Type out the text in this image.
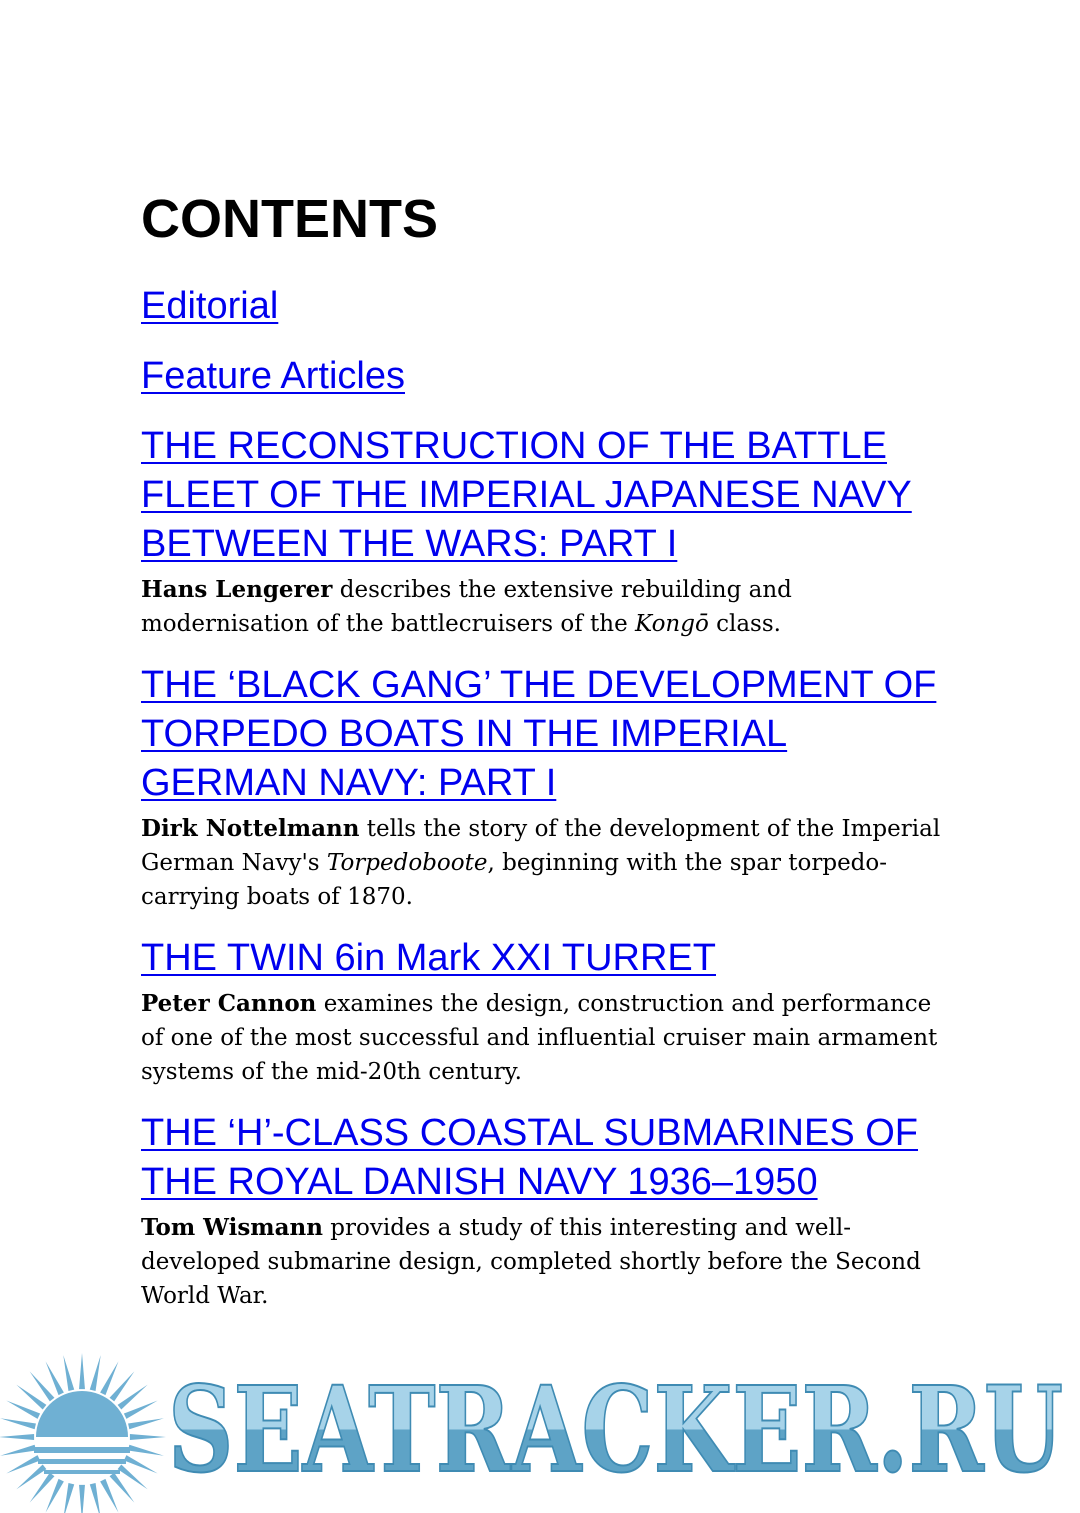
CONTENTS
Editorial
Feature Articles
THE RECONSTRUCTION OF THE BATTLE FLEET OF THE IMPERIAL JAPANESE NAVY BETWEEN THE WARS: PART I

Hans Lengerer describes the extensive rebuilding and modernisation of the battlecruisers of the Kongō class.

THE ‘BLACK GANG’ THE DEVELOPMENT OF TORPEDO BOATS IN THE IMPERIAL GERMAN NAVY: PART I

Dirk Nottelmann tells the story of the development of the Imperial German Navy's Torpedoboote, beginning with the spar torpedo-carrying boats of 1870.

THE TWIN 6in Mark XXI TURRET

Peter Cannon examines the design, construction and performance of one of the most successful and influential cruiser main armament systems of the mid-20th century.

THE ‘H’-CLASS COASTAL SUBMARINES OF THE ROYAL DANISH NAVY 1936–1950

Tom Wismann provides a study of this interesting and well-developed submarine design, completed shortly before the Second World War.

SEATRACKER.RU
